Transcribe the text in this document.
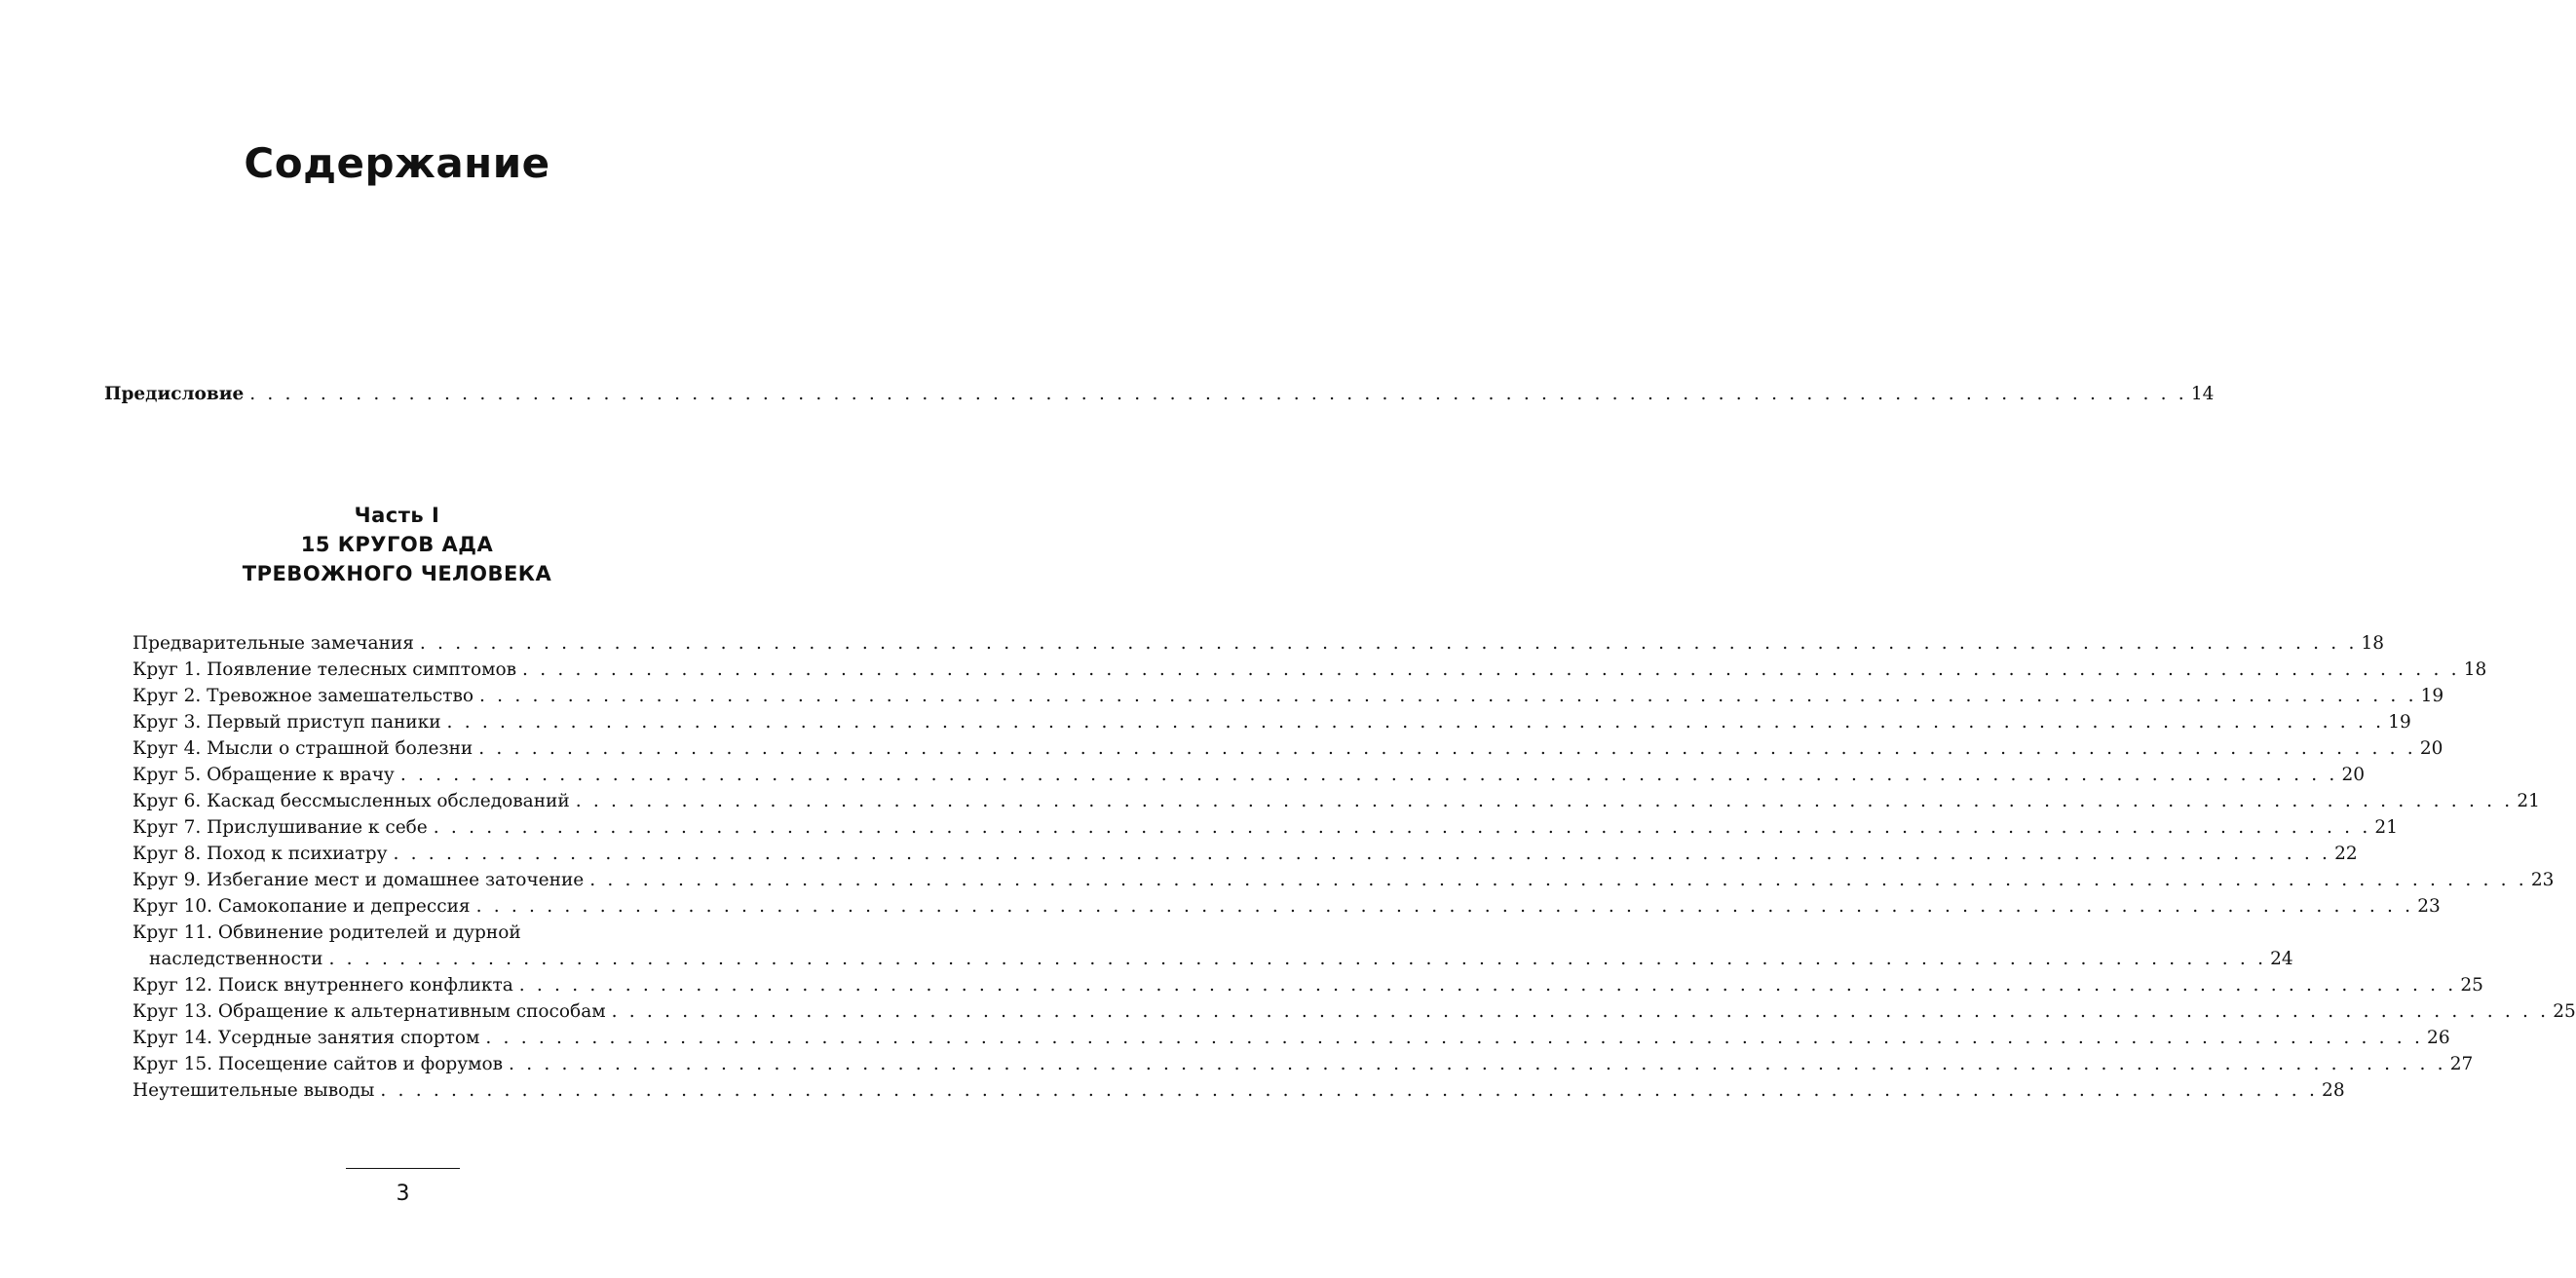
Содержание
Предисловие . . . . . . . . . . . . . . . . . . . . . . . . . . . . . . . . . . . . . . . . . . . . . . . . . . . . . . . . . . . . . . . . . . . . . . . . . . . . . . . . . . . . . . . . . . . . . . . . . . . . . . . . . . . . . . 14
Часть I
15 КРУГОВ АДА
ТРЕВОЖНОГО ЧЕЛОВЕКА
Предварительные замечания . . . . . . . . . . . . . . . . . . . . . . . . . . . . . . . . . . . . . . . . . . . . . . . . . . . . . . . . . . . . . . . . . . . . . . . . . . . . . . . . . . . . . . . . . . . . . . . . . . . . . . . . . . . . . . 18
Круг 1. Появление телесных симптомов . . . . . . . . . . . . . . . . . . . . . . . . . . . . . . . . . . . . . . . . . . . . . . . . . . . . . . . . . . . . . . . . . . . . . . . . . . . . . . . . . . . . . . . . . . . . . . . . . . . . . . . . . . . . . . 18
Круг 2. Тревожное замешательство . . . . . . . . . . . . . . . . . . . . . . . . . . . . . . . . . . . . . . . . . . . . . . . . . . . . . . . . . . . . . . . . . . . . . . . . . . . . . . . . . . . . . . . . . . . . . . . . . . . . . . . . . . . . . . 19
Круг 3. Первый приступ паники . . . . . . . . . . . . . . . . . . . . . . . . . . . . . . . . . . . . . . . . . . . . . . . . . . . . . . . . . . . . . . . . . . . . . . . . . . . . . . . . . . . . . . . . . . . . . . . . . . . . . . . . . . . . . . 19
Круг 4. Мысли о страшной болезни . . . . . . . . . . . . . . . . . . . . . . . . . . . . . . . . . . . . . . . . . . . . . . . . . . . . . . . . . . . . . . . . . . . . . . . . . . . . . . . . . . . . . . . . . . . . . . . . . . . . . . . . . . . . . . 20
Круг 5. Обращение к врачу . . . . . . . . . . . . . . . . . . . . . . . . . . . . . . . . . . . . . . . . . . . . . . . . . . . . . . . . . . . . . . . . . . . . . . . . . . . . . . . . . . . . . . . . . . . . . . . . . . . . . . . . . . . . . . 20
Круг 6. Каскад бессмысленных обследований . . . . . . . . . . . . . . . . . . . . . . . . . . . . . . . . . . . . . . . . . . . . . . . . . . . . . . . . . . . . . . . . . . . . . . . . . . . . . . . . . . . . . . . . . . . . . . . . . . . . . . . . . . . . . . 21
Круг 7. Прислушивание к себе . . . . . . . . . . . . . . . . . . . . . . . . . . . . . . . . . . . . . . . . . . . . . . . . . . . . . . . . . . . . . . . . . . . . . . . . . . . . . . . . . . . . . . . . . . . . . . . . . . . . . . . . . . . . . . 21
Круг 8. Поход к психиатру . . . . . . . . . . . . . . . . . . . . . . . . . . . . . . . . . . . . . . . . . . . . . . . . . . . . . . . . . . . . . . . . . . . . . . . . . . . . . . . . . . . . . . . . . . . . . . . . . . . . . . . . . . . . . . 22
Круг 9. Избегание мест и домашнее заточение . . . . . . . . . . . . . . . . . . . . . . . . . . . . . . . . . . . . . . . . . . . . . . . . . . . . . . . . . . . . . . . . . . . . . . . . . . . . . . . . . . . . . . . . . . . . . . . . . . . . . . . . . . . . . . 23
Круг 10. Самокопание и депрессия . . . . . . . . . . . . . . . . . . . . . . . . . . . . . . . . . . . . . . . . . . . . . . . . . . . . . . . . . . . . . . . . . . . . . . . . . . . . . . . . . . . . . . . . . . . . . . . . . . . . . . . . . . . . . . 23
Круг 11. Обвинение родителей и дурной
наследственности . . . . . . . . . . . . . . . . . . . . . . . . . . . . . . . . . . . . . . . . . . . . . . . . . . . . . . . . . . . . . . . . . . . . . . . . . . . . . . . . . . . . . . . . . . . . . . . . . . . . . . . . . . . . . . 24
Круг 12. Поиск внутреннего конфликта . . . . . . . . . . . . . . . . . . . . . . . . . . . . . . . . . . . . . . . . . . . . . . . . . . . . . . . . . . . . . . . . . . . . . . . . . . . . . . . . . . . . . . . . . . . . . . . . . . . . . . . . . . . . . . 25
Круг 13. Обращение к альтернативным способам . . . . . . . . . . . . . . . . . . . . . . . . . . . . . . . . . . . . . . . . . . . . . . . . . . . . . . . . . . . . . . . . . . . . . . . . . . . . . . . . . . . . . . . . . . . . . . . . . . . . . . . . . . . . . . 25
Круг 14. Усердные занятия спортом . . . . . . . . . . . . . . . . . . . . . . . . . . . . . . . . . . . . . . . . . . . . . . . . . . . . . . . . . . . . . . . . . . . . . . . . . . . . . . . . . . . . . . . . . . . . . . . . . . . . . . . . . . . . . . 26
Круг 15. Посещение сайтов и форумов . . . . . . . . . . . . . . . . . . . . . . . . . . . . . . . . . . . . . . . . . . . . . . . . . . . . . . . . . . . . . . . . . . . . . . . . . . . . . . . . . . . . . . . . . . . . . . . . . . . . . . . . . . . . . . 27
Неутешительные выводы . . . . . . . . . . . . . . . . . . . . . . . . . . . . . . . . . . . . . . . . . . . . . . . . . . . . . . . . . . . . . . . . . . . . . . . . . . . . . . . . . . . . . . . . . . . . . . . . . . . . . . . . . . . . . . 28
3
